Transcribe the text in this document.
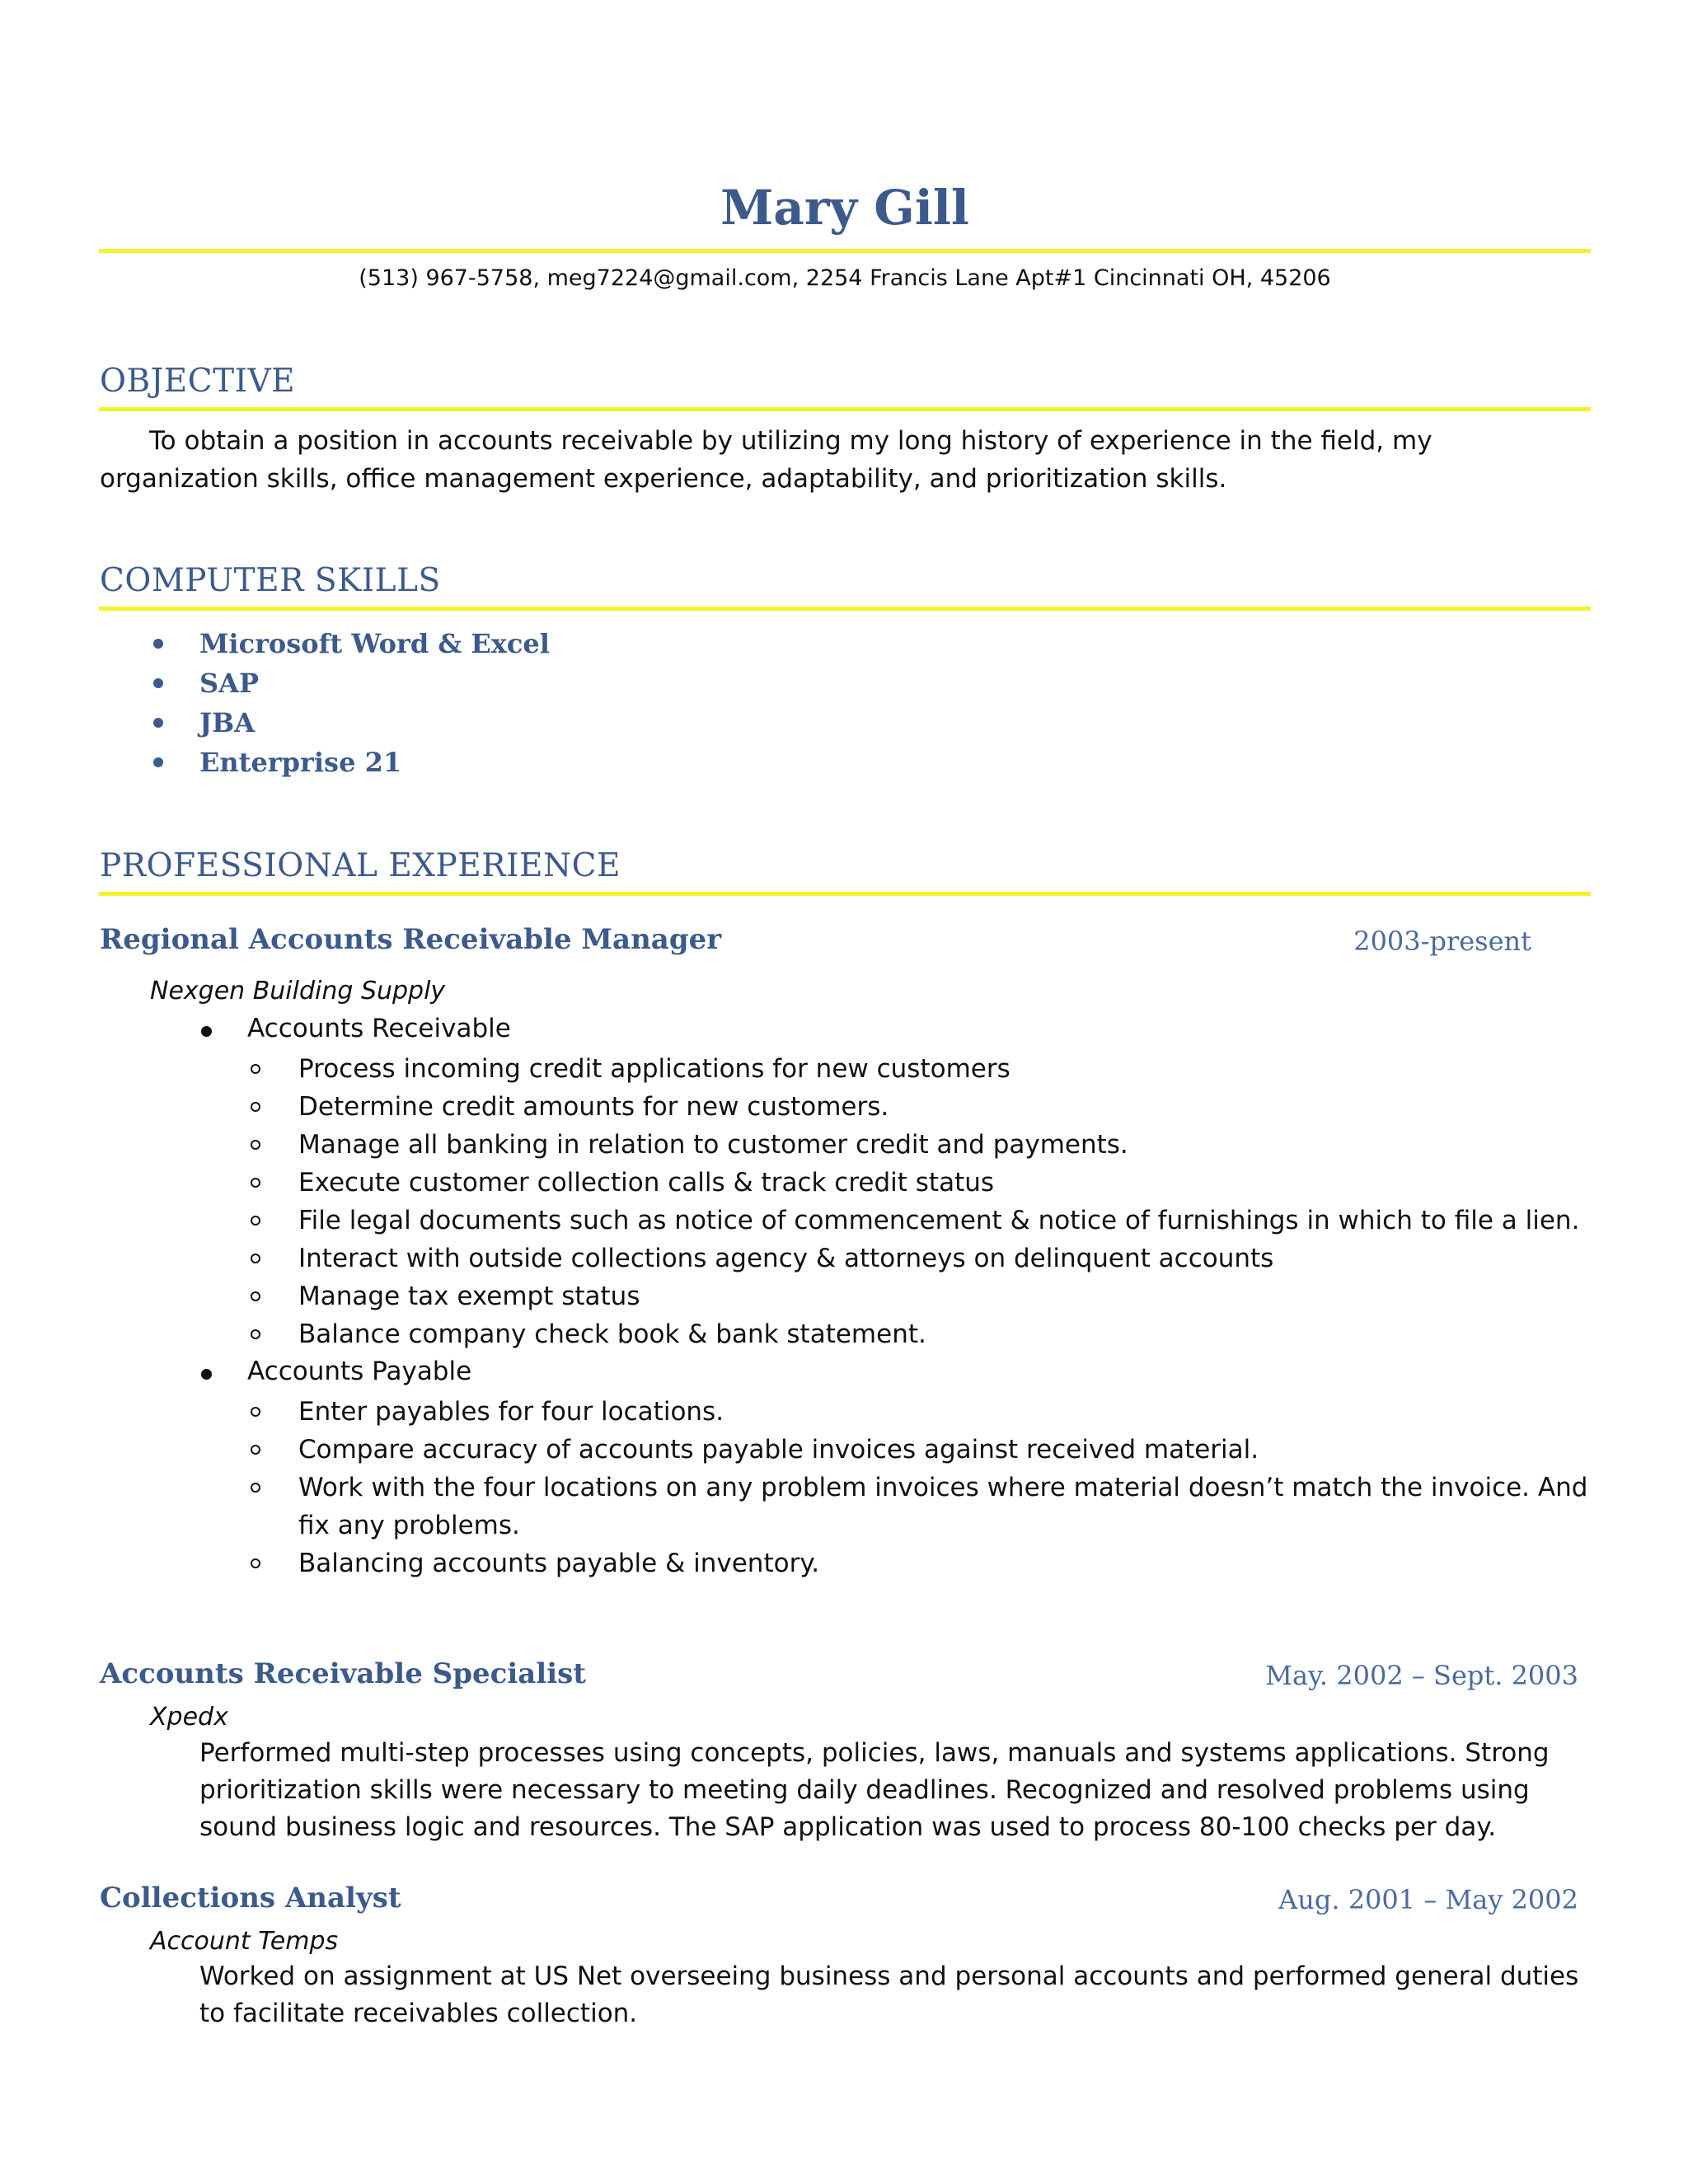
Mary Gill
(513) 967-5758, meg7224@gmail.com, 2254 Francis Lane Apt#1 Cincinnati OH, 45206
OBJECTIVE

To obtain a position in accounts receivable by utilizing my long history of experience in the field, my organization skills, office management experience, adaptability, and prioritization skills.

COMPUTER SKILLS
Microsoft Word & Excel
SAP
JBA
Enterprise 21
PROFESSIONAL EXPERIENCE
Regional Accounts Receivable Manager	2003-present
Nexgen Building Supply
Accounts Receivable
Process incoming credit applications for new customers
Determine credit amounts for new customers.
Manage all banking in relation to customer credit and payments.
Execute customer collection calls & track credit status
File legal documents such as notice of commencement & notice of furnishings in which to file a lien.
Interact with outside collections agency & attorneys on delinquent accounts
Manage tax exempt status
Balance company check book & bank statement.
Accounts Payable
Enter payables for four locations.
Compare accuracy of accounts payable invoices against received material.
Work with the four locations on any problem invoices where material doesn’t match the invoice. And fix any problems.
Balancing accounts payable & inventory.
Accounts Receivable Specialist	May. 2002 – Sept. 2003
Xpedx

Performed multi-step processes using concepts, policies, laws, manuals and systems applications. Strong prioritization skills were necessary to meeting daily deadlines. Recognized and resolved problems using sound business logic and resources. The SAP application was used to process 80-100 checks per day.

Collections Analyst	Aug. 2001 – May 2002
Account Temps

Worked on assignment at US Net overseeing business and personal accounts and performed general duties to facilitate receivables collection.
